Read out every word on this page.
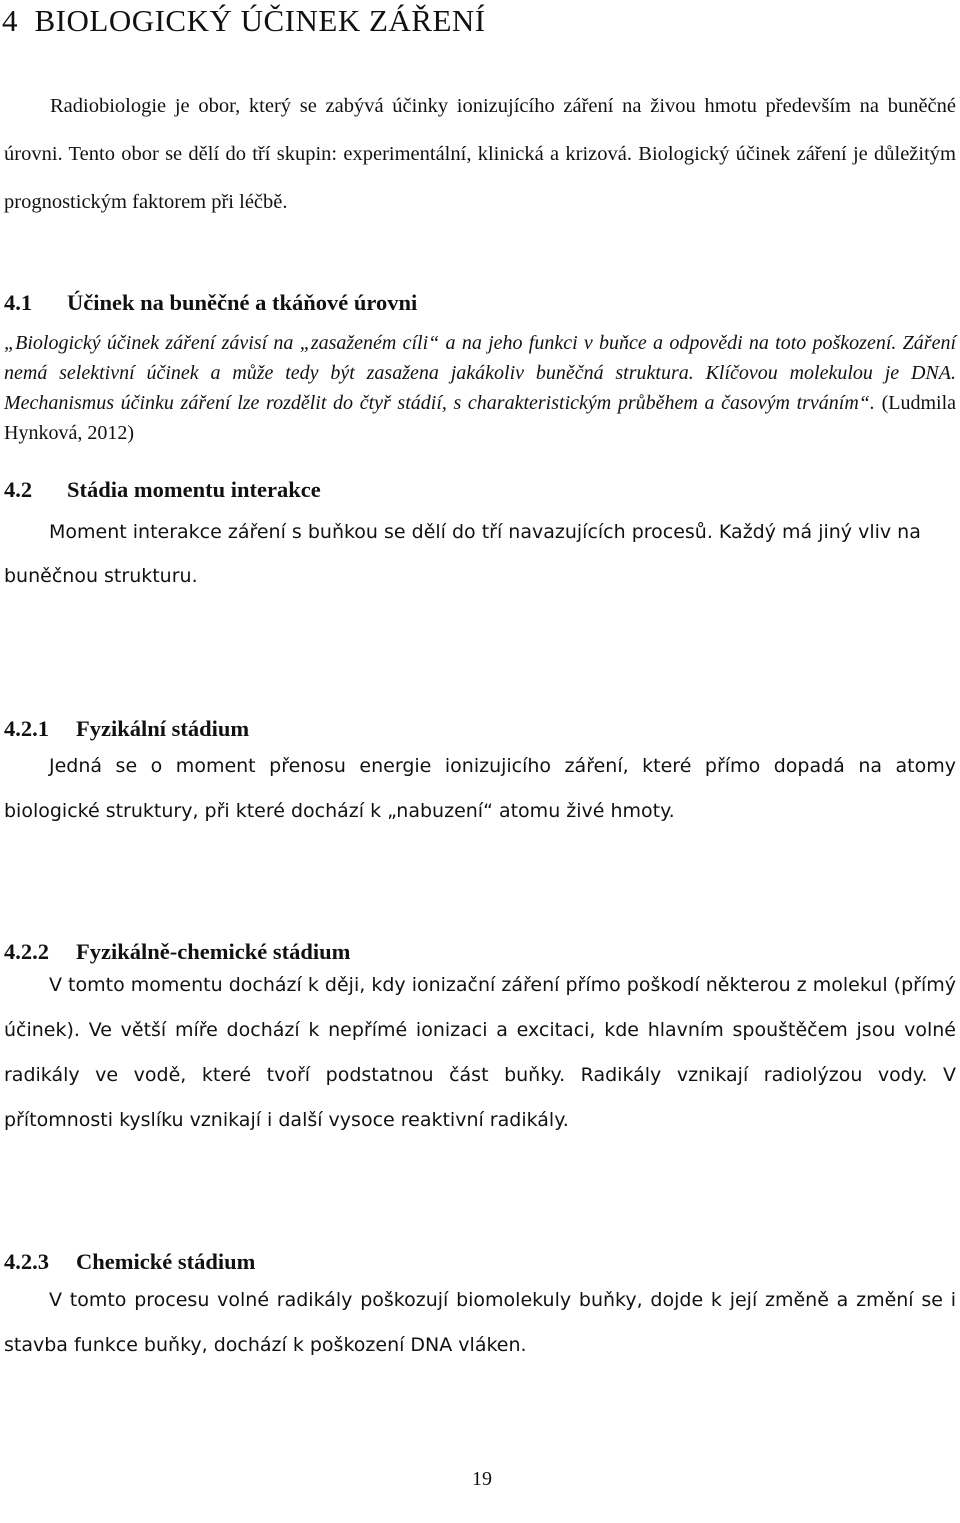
4 BIOLOGICKÝ ÚČINEK ZÁŘENÍ

Radiobiologie je obor, který se zabývá účinky ionizujícího záření na živou hmotu především na buněčné úrovni. Tento obor se dělí do tří skupin: experimentální, klinická a krizová. Biologický účinek záření je důležitým prognostickým faktorem při léčbě.

4.1 Účinek na buněčné a tkáňové úrovni

„Biologický účinek záření závisí na „zasaženém cíli“ a na jeho funkci v buňce a odpovědi na toto poškození. Záření nemá selektivní účinek a může tedy být zasažena jakákoliv buněčná struktura. Klíčovou molekulou je DNA. Mechanismus účinku záření lze rozdělit do čtyř stádií, s charakteristickým průběhem a časovým trváním“. (Ludmila Hynková, 2012)

4.2 Stádia momentu interakce

Moment interakce záření s buňkou se dělí do tří navazujících procesů. Každý má jiný vliv na buněčnou strukturu.

4.2.1 Fyzikální stádium

Jedná se o moment přenosu energie ionizujicího záření, které přímo dopadá na atomy biologické struktury, při které dochází k „nabuzení“ atomu živé hmoty.

4.2.2 Fyzikálně-chemické stádium

V tomto momentu dochází k ději, kdy ionizační záření přímo poškodí některou z molekul (přímý účinek). Ve větší míře dochází k nepřímé ionizaci a excitaci, kde hlavním spouštěčem jsou volné radikály ve vodě, které tvoří podstatnou část buňky. Radikály vznikají radiolýzou vody. V přítomnosti kyslíku vznikají i další vysoce reaktivní radikály.

4.2.3 Chemické stádium

V tomto procesu volné radikály poškozují biomolekuly buňky, dojde k její změně a změní se i stavba funkce buňky, dochází k poškození DNA vláken.

19
